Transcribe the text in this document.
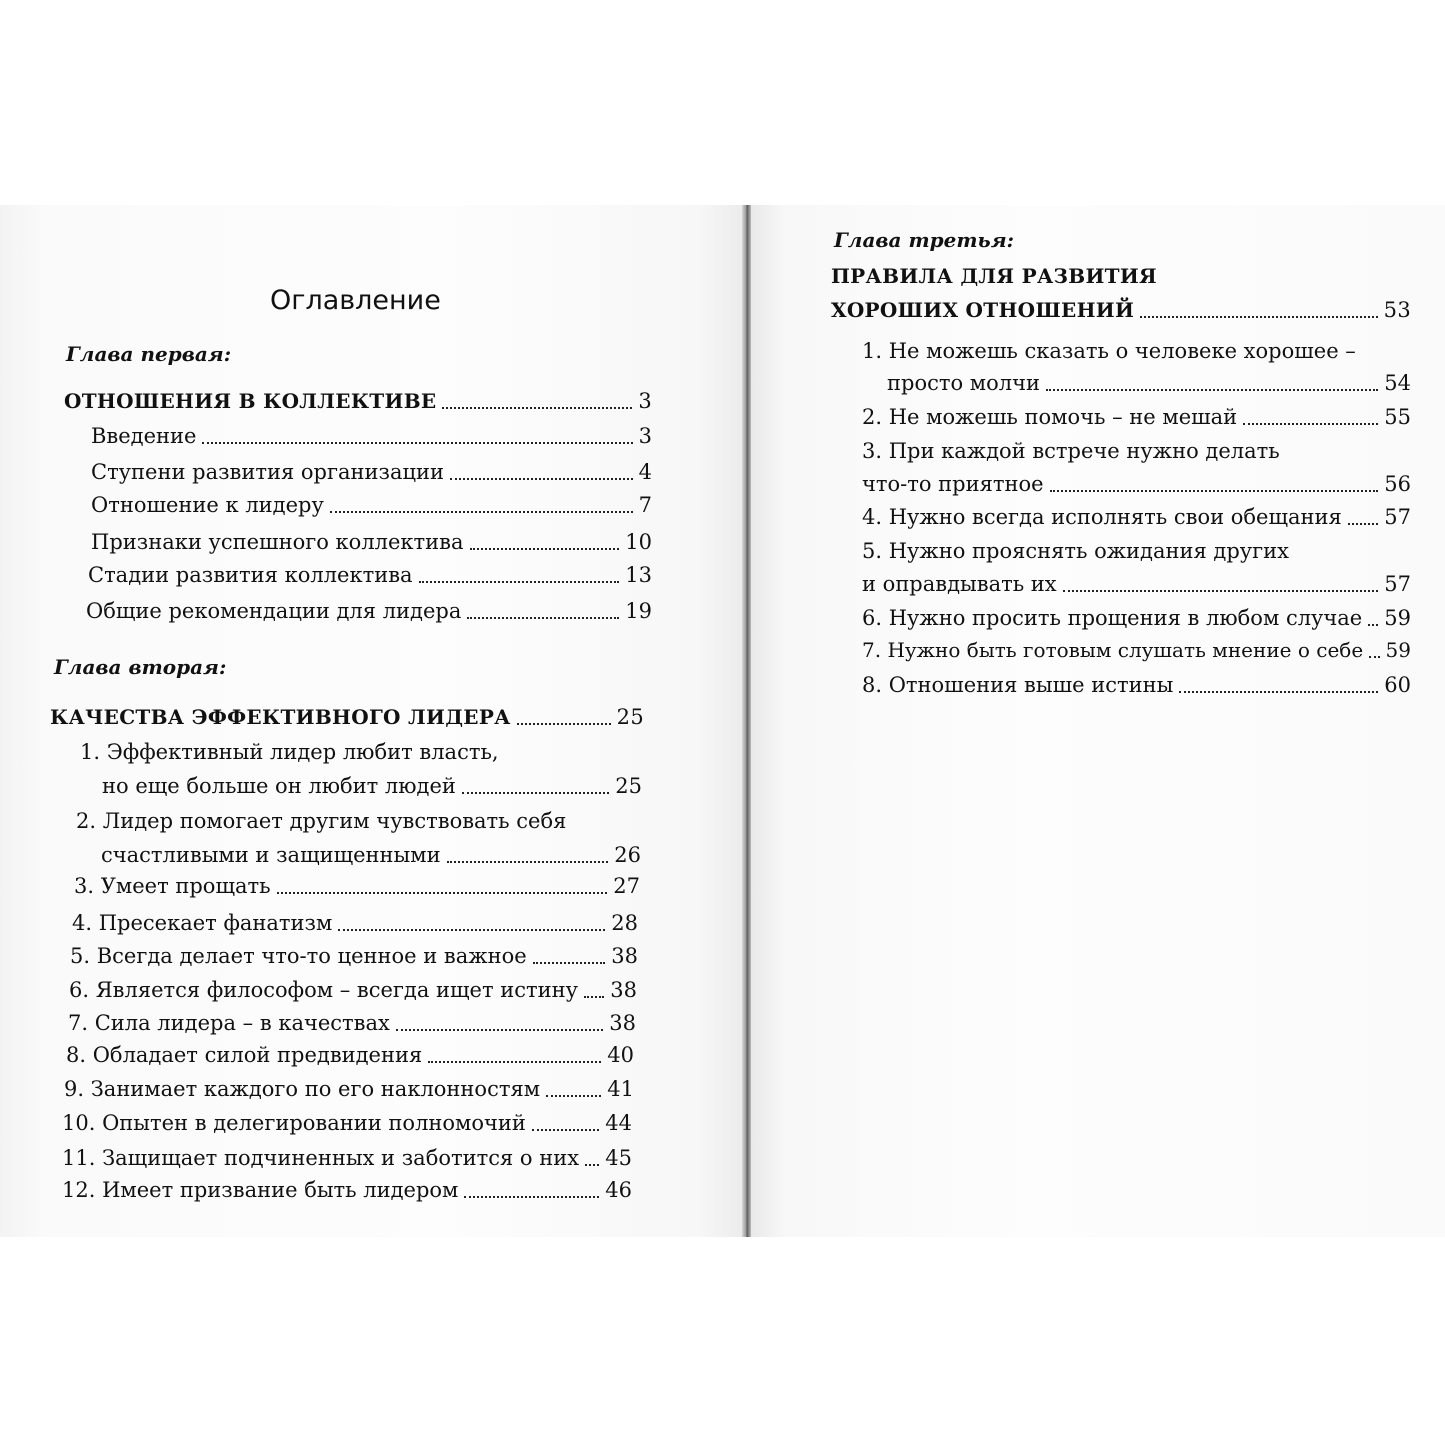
Оглавление
Глава первая:
ОТНОШЕНИЯ В КОЛЛЕКТИВЕ	3
Введение	3
Ступени развития организации	4
Отношение к лидеру	7
Признаки успешного коллектива	10
Стадии развития коллектива	13
Общие рекомендации для лидера	19
Глава вторая:
КАЧЕСТВА ЭФФЕКТИВНОГО ЛИДЕРА	25
1. Эффективный лидер любит власть,
но еще больше он любит людей	25
2. Лидер помогает другим чувствовать себя
счастливыми и защищенными	26
3. Умеет прощать	27
4. Пресекает фанатизм	28
5. Всегда делает что-то ценное и важное	38
6. Является философом – всегда ищет истину 38
7. Сила лидера – в качествах	38
8. Обладает силой предвидения	40
9. Занимает каждого по его наклонностям	41
10. Опытен в делегировании полномочий	44
11. Защищает подчиненных и заботится о них 45
12. Имеет призвание быть лидером	46

Глава третья:
ПРАВИЛА ДЛЯ РАЗВИТИЯ
ХОРОШИХ ОТНОШЕНИЙ	53
1. Не можешь сказать о человеке хорошее –
просто молчи	54
2. Не можешь помочь – не мешай	55
3. При каждой встрече нужно делать
что-то приятное	56
4. Нужно всегда исполнять свои обещания 57
5. Нужно прояснять ожидания других
и оправдывать их	57
6. Нужно просить прощения в любом случае 59
7. Нужно быть готовым слушать мнение о себе 59
8. Отношения выше истины	60
